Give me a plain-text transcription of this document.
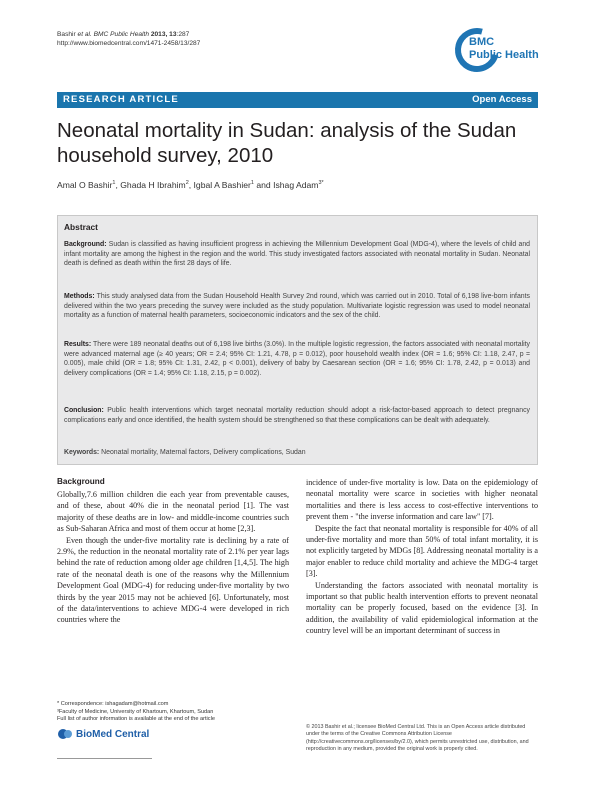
Bashir et al. BMC Public Health 2013, 13:287
http://www.biomedcentral.com/1471-2458/13/287	BMC
Public Health
RESEARCH ARTICLE	Open Access
Neonatal mortality in Sudan: analysis of the Sudan household survey, 2010
Amal O Bashir$^1$, Ghada H Ibrahim$^2$, Igbal A Bashier$^1$ and Ishag Adam$^{3*}$
Abstract
Background: Sudan is classified as having insufficient progress in achieving the Millennium Development Goal (MDG-4), where the levels of child and infant mortality are among the highest in the region and the world. This study investigated factors associated with neonatal mortality in Sudan. Neonatal death is defined as death within the first 28 days of life.
Methods: This study analysed data from the Sudan Household Health Survey 2nd round, which was carried out in 2010. Total of 6,198 live-born infants delivered within the two years preceding the survey were included as the study population. Multivariate logistic regression was used to model neonatal mortality as a function of maternal health parameters, socioeconomic indicators and the sex of the child.
Results: There were 189 neonatal deaths out of 6,198 live births (3.0%). In the multiple logistic regression, the factors associated with neonatal mortality were advanced maternal age (≥ 40 years; OR = 2.4; 95% CI: 1.21, 4.78, p = 0.012), poor household wealth index (OR = 1.6; 95% CI: 1.18, 2.47, p = 0.005), male child (OR = 1.8; 95% CI: 1.31, 2.42, p < 0.001), delivery of baby by Caesarean section (OR = 1.6; 95% CI: 1.78, 2.42, p = 0.013) and delivery complications (OR = 1.4; 95% CI: 1.18, 2.15, p = 0.002).
Conclusion: Public health interventions which target neonatal mortality reduction should adopt a risk-factor-based approach to detect pregnancy complications early and once identified, the health system should be strengthened so that these complications can be dealt with adequately.
Keywords: Neonatal mortality, Maternal factors, Delivery complications, Sudan
Background

Globally,7.6 million children die each year from preventable causes, and of these, about 40% die in the neonatal period [1]. The vast majority of these deaths are in low- and middle-income countries such as Sub-Saharan Africa and most of them occur at home [2,3].

Even though the under-five mortality rate is declining by a rate of 2.9%, the reduction in the neonatal mortality rate of 2.1% per year lags behind the rate of reduction among older age children [1,4,5]. The high rate of the neonatal death is one of the reasons why the Millennium Development Goal (MDG-4) for reducing under-five mortality by two thirds by the year 2015 may not be achieved [6]. Unfortunately, most of the data/interventions to achieve MDG-4 were developed in rich countries where the

incidence of under-five mortality is low. Data on the epidemiology of neonatal mortality were scarce in societies with higher neonatal mortalities and there is less access to cost-effective interventions to prevent them - "the inverse information and care law" [7].

Despite the fact that neonatal mortality is responsible for 40% of all under-five mortality and more than 50% of total infant mortality, it is not explicitly targeted by MDGs [8]. Addressing neonatal mortality is a major enabler to reduce child mortality and achieve the MDG-4 target [3].

Understanding the factors associated with neonatal mortality is important so that public health intervention efforts to prevent neonatal mortality can be properly focused, based on the evidence [3]. In addition, the availability of valid epidemiological information at the country level will be an important determinant of success in

* Correspondence: ishagadam@hotmail.com
³Faculty of Medicine, University of Khartoum, Khartoum, Sudan
Full list of author information is available at the end of the article
BioMed Central
© 2013 Bashir et al.; licensee BioMed Central Ltd. This is an Open Access article distributed under the terms of the Creative Commons Attribution License (http://creativecommons.org/licenses/by/2.0), which permits unrestricted use, distribution, and reproduction in any medium, provided the original work is properly cited.
